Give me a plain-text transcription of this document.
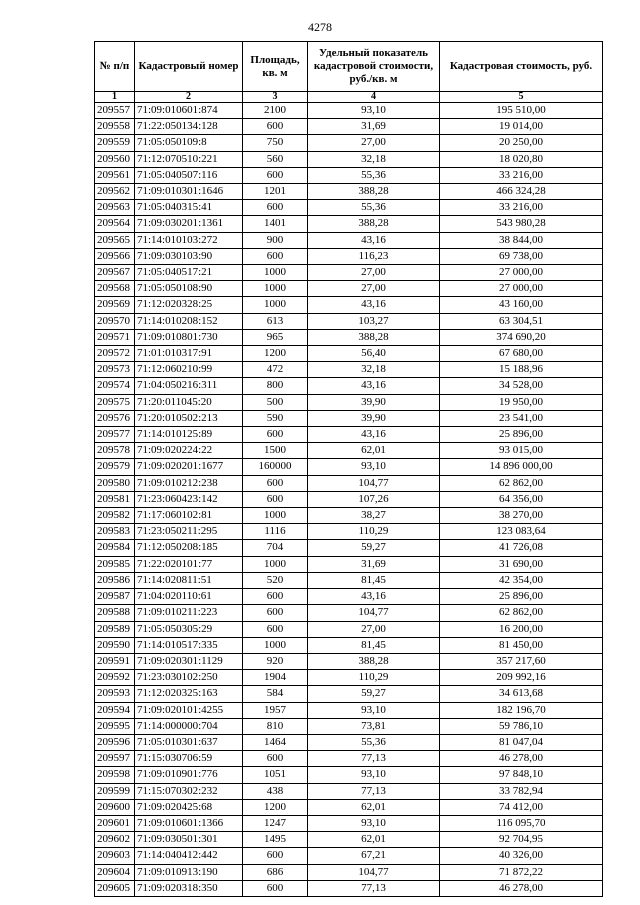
4278
№ п/п	Кадастровый номер	Площадь, кв. м	Удельный показатель кадастровой стоимости, руб./кв. м	Кадастровая стоимость, руб.
1	2	3	4	5
209557	71:09:010601:874	2100	93,10	195 510,00
209558	71:22:050134:128	600	31,69	19 014,00
209559	71:05:050109:8	750	27,00	20 250,00
209560	71:12:070510:221	560	32,18	18 020,80
209561	71:05:040507:116	600	55,36	33 216,00
209562	71:09:010301:1646	1201	388,28	466 324,28
209563	71:05:040315:41	600	55,36	33 216,00
209564	71:09:030201:1361	1401	388,28	543 980,28
209565	71:14:010103:272	900	43,16	38 844,00
209566	71:09:030103:90	600	116,23	69 738,00
209567	71:05:040517:21	1000	27,00	27 000,00
209568	71:05:050108:90	1000	27,00	27 000,00
209569	71:12:020328:25	1000	43,16	43 160,00
209570	71:14:010208:152	613	103,27	63 304,51
209571	71:09:010801:730	965	388,28	374 690,20
209572	71:01:010317:91	1200	56,40	67 680,00
209573	71:12:060210:99	472	32,18	15 188,96
209574	71:04:050216:311	800	43,16	34 528,00
209575	71:20:011045:20	500	39,90	19 950,00
209576	71:20:010502:213	590	39,90	23 541,00
209577	71:14:010125:89	600	43,16	25 896,00
209578	71:09:020224:22	1500	62,01	93 015,00
209579	71:09:020201:1677	160000	93,10	14 896 000,00
209580	71:09:010212:238	600	104,77	62 862,00
209581	71:23:060423:142	600	107,26	64 356,00
209582	71:17:060102:81	1000	38,27	38 270,00
209583	71:23:050211:295	1116	110,29	123 083,64
209584	71:12:050208:185	704	59,27	41 726,08
209585	71:22:020101:77	1000	31,69	31 690,00
209586	71:14:020811:51	520	81,45	42 354,00
209587	71:04:020110:61	600	43,16	25 896,00
209588	71:09:010211:223	600	104,77	62 862,00
209589	71:05:050305:29	600	27,00	16 200,00
209590	71:14:010517:335	1000	81,45	81 450,00
209591	71:09:020301:1129	920	388,28	357 217,60
209592	71:23:030102:250	1904	110,29	209 992,16
209593	71:12:020325:163	584	59,27	34 613,68
209594	71:09:020101:4255	1957	93,10	182 196,70
209595	71:14:000000:704	810	73,81	59 786,10
209596	71:05:010301:637	1464	55,36	81 047,04
209597	71:15:030706:59	600	77,13	46 278,00
209598	71:09:010901:776	1051	93,10	97 848,10
209599	71:15:070302:232	438	77,13	33 782,94
209600	71:09:020425:68	1200	62,01	74 412,00
209601	71:09:010601:1366	1247	93,10	116 095,70
209602	71:09:030501:301	1495	62,01	92 704,95
209603	71:14:040412:442	600	67,21	40 326,00
209604	71:09:010913:190	686	104,77	71 872,22
209605	71:09:020318:350	600	77,13	46 278,00
